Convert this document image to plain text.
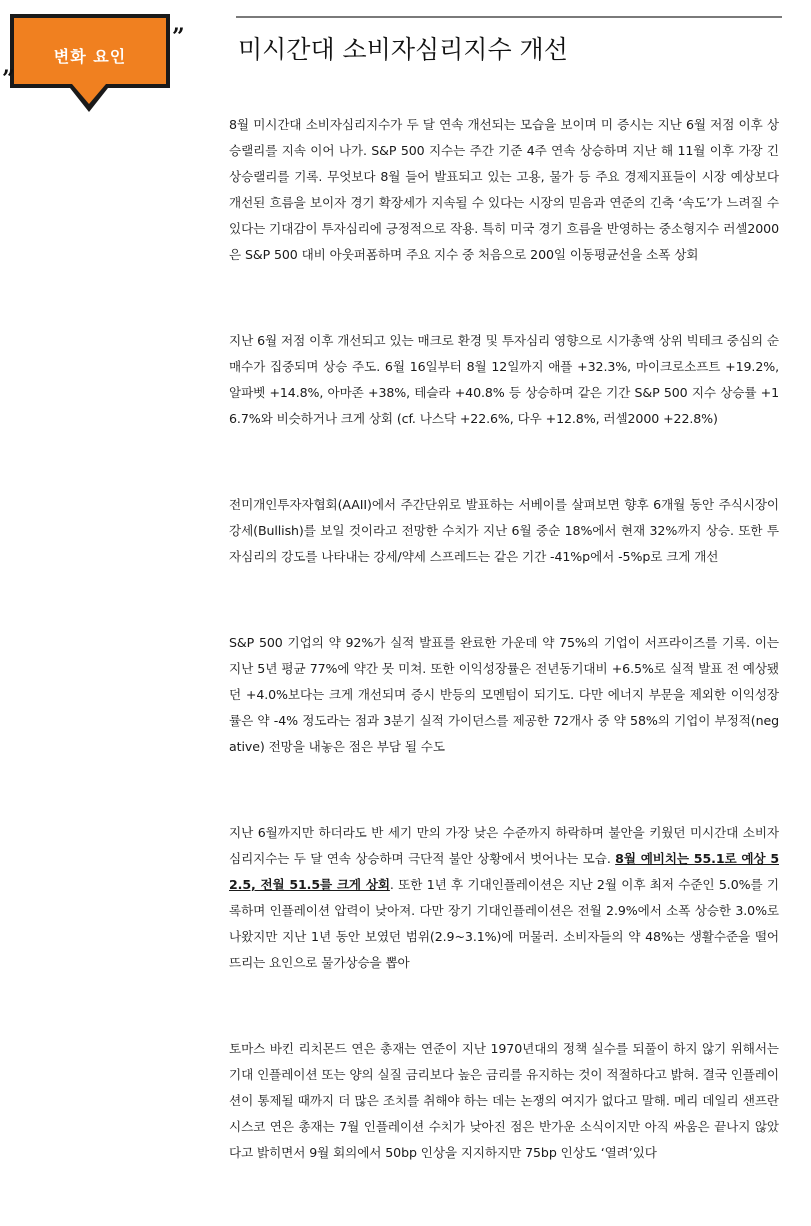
”
”
변화 요인	미시간대 소비자심리지수 개선

8월 미시간대 소비자심리지수가 두 달 연속 개선되는 모습을 보이며 미 증시는 지난 6월 저점 이후 상승랠리를 지속 이어 나가. S&P 500 지수는 주간 기준 4주 연속 상승하며 지난 해 11월 이후 가장 긴 상승랠리를 기록. 무엇보다 8월 들어 발표되고 있는 고용, 물가 등 주요 경제지표들이 시장 예상보다 개선된 흐름을 보이자 경기 확장세가 지속될 수 있다는 시장의 믿음과 연준의 긴축 ‘속도’가 느려질 수 있다는 기대감이 투자심리에 긍정적으로 작용. 특히 미국 경기 흐름을 반영하는 중소형지수 러셀2000은 S&P 500 대비 아웃퍼폼하며 주요 지수 중 처음으로 200일 이동평균선을 소폭 상회

지난 6월 저점 이후 개선되고 있는 매크로 환경 및 투자심리 영향으로 시가총액 상위 빅테크 중심의 순매수가 집중되며 상승 주도. 6월 16일부터 8월 12일까지 애플 +32.3%, 마이크로소프트 +19.2%, 알파벳 +14.8%, 아마존 +38%, 테슬라 +40.8% 등 상승하며 같은 기간 S&P 500 지수 상승률 +16.7%와 비슷하거나 크게 상회 (cf. 나스닥 +22.6%, 다우 +12.8%, 러셀2000 +22.8%)

전미개인투자자협회(AAII)에서 주간단위로 발표하는 서베이를 살펴보면 향후 6개월 동안 주식시장이 강세(Bullish)를 보일 것이라고 전망한 수치가 지난 6월 중순 18%에서 현재 32%까지 상승. 또한 투자심리의 강도를 나타내는 강세/약세 스프레드는 같은 기간 -41%p에서 -5%p로 크게 개선

S&P 500 기업의 약 92%가 실적 발표를 완료한 가운데 약 75%의 기업이 서프라이즈를 기록. 이는 지난 5년 평균 77%에 약간 못 미쳐. 또한 이익성장률은 전년동기대비 +6.5%로 실적 발표 전 예상됐던 +4.0%보다는 크게 개선되며 증시 반등의 모멘텀이 되기도. 다만 에너지 부문을 제외한 이익성장률은 약 -4% 정도라는 점과 3분기 실적 가이던스를 제공한 72개사 중 약 58%의 기업이 부정적(negative) 전망을 내놓은 점은 부담 될 수도

지난 6월까지만 하더라도 반 세기 만의 가장 낮은 수준까지 하락하며 불안을 키웠던 미시간대 소비자심리지수는 두 달 연속 상승하며 극단적 불안 상황에서 벗어나는 모습. 8월 예비치는 55.1로 예상 52.5, 전월 51.5를 크게 상회. 또한 1년 후 기대인플레이션은 지난 2월 이후 최저 수준인 5.0%를 기록하며 인플레이션 압력이 낮아져. 다만 장기 기대인플레이션은 전월 2.9%에서 소폭 상승한 3.0%로 나왔지만 지난 1년 동안 보였던 범위(2.9~3.1%)에 머물러. 소비자들의 약 48%는 생활수준을 떨어뜨리는 요인으로 물가상승을 뽑아

토마스 바킨 리치몬드 연은 총재는 연준이 지난 1970년대의 정책 실수를 되풀이 하지 않기 위해서는 기대 인플레이션 또는 양의 실질 금리보다 높은 금리를 유지하는 것이 적절하다고 밝혀. 결국 인플레이션이 통제될 때까지 더 많은 조치를 취해야 하는 데는 논쟁의 여지가 없다고 말해. 메리 데일리 샌프란시스코 연은 총재는 7월 인플레이션 수치가 낮아진 점은 반가운 소식이지만 아직 싸움은 끝나지 않았다고 밝히면서 9월 회의에서 50bp 인상을 지지하지만 75bp 인상도 ‘열려’있다
